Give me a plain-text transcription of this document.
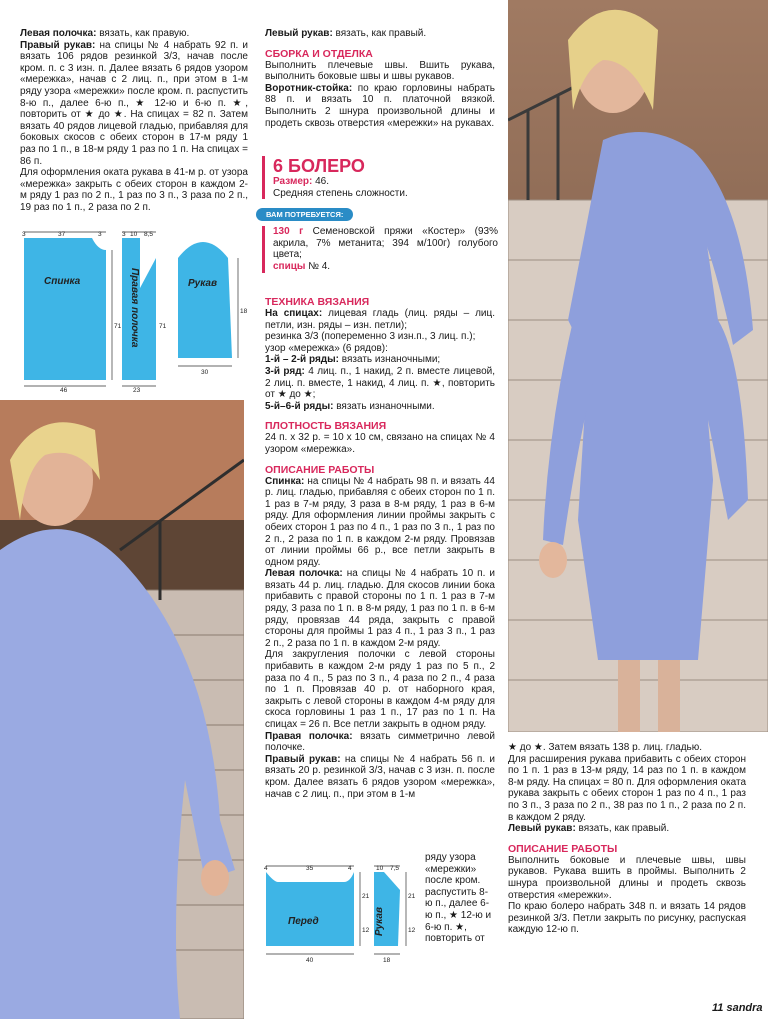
Левая полочка: вязать, как правую.

Правый рукав: на спицы № 4 набрать 92 п. и вязать 106 рядов резинкой 3/3, начав после кром. п. с 3 изн. п. Далее вязать 6 рядов узором «мережка», начав с 2 лиц. п., при этом в 1-м ряду узора «мережки» после кром. п. распустить 8-ю п., далее 6-ю п., ★ 12-ю и 6-ю п. ★, повторить от ★ до ★. На спицах = 82 п. Затем вязать 40 рядов лицевой гладью, прибавляя для боковых скосов с обеих сторон в 17-м ряду 1 раз по 1 п., в 18-м ряду 1 раз по 1 п. На спицах = 86 п.

Для оформления оката рукава в 41-м р. от узора «мережка» закрыть с обеих сторон в каждом 2-м ряду 1 раз по 2 п., 1 раз по 3 п., 3 раза по 2 п., 19 раз по 1 п., 2 раза по 2 п.

3	37	3	3 10 8,5
46	23
30
71	71
18
Спинка	Правая полочка	Рукав

Левый рукав: вязать, как правый.

СБОРКА И ОТДЕЛКА

Выполнить плечевые швы. Вшить рукава, выполнить боковые швы и швы рукавов.

Воротник-стойка: по краю горловины набрать 88 п. и вязать 10 п. платочной вязкой. Выполнить 2 шнура произвольной длины и продеть сквозь отверстия «мережки» на рукавах.

6 БОЛЕРО
Размер: 46.
Средняя степень сложности.
ВАМ ПОТРЕБУЕТСЯ:
130 г Семеновской пряжи «Костер» (93% акрила, 7% метанита; 394 м/100г) голубого цвета;
спицы № 4.
ТЕХНИКА ВЯЗАНИЯ

На спицах: лицевая гладь (лиц. ряды – лиц. петли, изн. ряды – изн. петли);

резинка 3/3 (попеременно 3 изн.п., 3 лиц. п.);

узор «мережка» (6 рядов):

1-й – 2-й ряды: вязать изнаночными;

3-й ряд: 4 лиц. п., 1 накид, 2 п. вместе лицевой, 2 лиц. п. вместе, 1 накид, 4 лиц. п. ★, повторить от ★ до ★;

5-й–6-й ряды: вязать изнаночными.

ПЛОТНОСТЬ ВЯЗАНИЯ

24 п. х 32 р. = 10 х 10 см, связано на спицах № 4 узором «мережка».

ОПИСАНИЕ РАБОТЫ

Спинка: на спицы № 4 набрать 98 п. и вязать 44 р. лиц. гладью, прибавляя с обеих сторон по 1 п. 1 раз в 7-м ряду, 3 раза в 8-м ряду, 1 раз в 6-м ряду. Для оформления линии проймы закрыть с обеих сторон 1 раз по 4 п., 1 раз по 3 п., 1 раз по 2 п., 2 раза по 1 п. в каждом 2-м ряду. Провязав от линии проймы 66 р., все петли закрыть в одном ряду.

Левая полочка: на спицы № 4 набрать 10 п. и вязать 44 р. лиц. гладью. Для скосов линии бока прибавить с правой стороны по 1 п. 1 раз в 7-м ряду, 3 раза по 1 п. в 8-м ряду, 1 раз по 1 п. в 6-м ряду, провязав 44 ряда, закрыть с правой стороны для проймы 1 раз 4 п., 1 раз 3 п., 1 раз 2 п., 2 раза по 1 п. в каждом 2-м ряду.

Для закругления полочки с левой стороны прибавить в каждом 2-м ряду 1 раз по 5 п., 2 раза по 4 п., 5 раз по 3 п., 4 раза по 2 п., 4 раза по 1 п. Провязав 40 р. от наборного края, закрыть с левой стороны в каждом 4-м ряду для скоса горловины 1 раз 1 п., 17 раз по 1 п. На спицах = 26 п. Все петли закрыть в одном ряду.

Правая полочка: вязать симметрично левой полочке.

Правый рукав: на спицы № 4 набрать 56 п. и вязать 20 р. резинкой 3/3, начав с 3 изн. п. после кром. Далее вязать 6 рядов узором «мережка», начав с 2 лиц. п., при этом в 1-м

ряду узора «мережки» после кром. распустить 8-ю п., далее 6-ю п., ★ 12-ю и 6-ю п. ★, повторить от
4	35	4	10 7,5
21
12
40	18
21
12
Перед	Рукав

★ до ★. Затем вязать 138 р. лиц. гладью.

Для расширения рукава прибавить с обеих сторон по 1 п. 1 раз в 13-м ряду, 14 раз по 1 п. в каждом 8-м ряду. На спицах = 80 п. Для оформления оката рукава закрыть с обеих сторон 1 раз по 4 п., 1 раз по 3 п., 3 раза по 2 п., 38 раз по 1 п., 2 раза по 2 п. в каждом 2 ряду.

Левый рукав: вязать, как правый.

ОПИСАНИЕ РАБОТЫ

Выполнить боковые и плечевые швы, швы рукавов. Рукава вшить в проймы. Выполнить 2 шнура произвольной длины и продеть сквозь отверстия «мережки».

По краю болеро набрать 348 п. и вязать 14 рядов резинкой 3/3. Петли закрыть по рисунку, распуская каждую 12-ю п.

11 sandra
